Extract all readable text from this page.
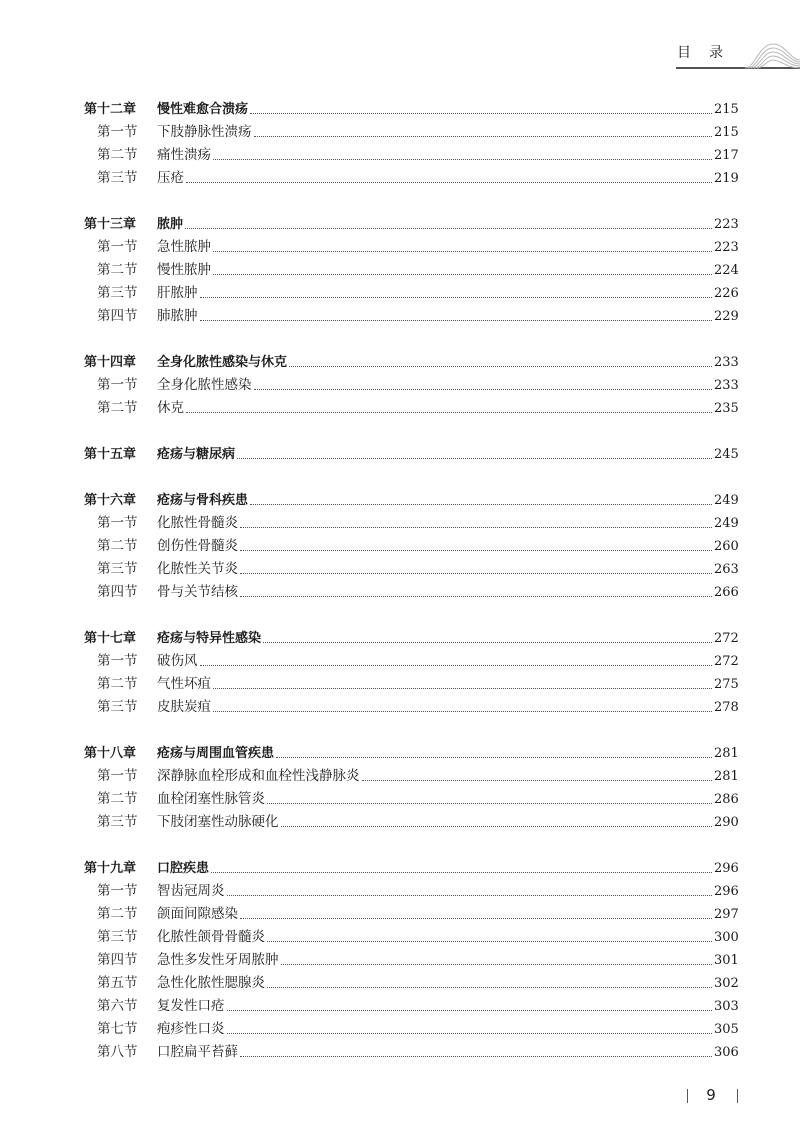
目　录
第十二章	慢性难愈合溃疡	215
第一节	下肢静脉性溃疡	215
第二节	痛性溃疡	217
第三节	压疮	219
第十三章	脓肿	223
第一节	急性脓肿	223
第二节	慢性脓肿	224
第三节	肝脓肿	226
第四节	肺脓肿	229
第十四章	全身化脓性感染与休克	233
第一节	全身化脓性感染	233
第二节	休克	235
第十五章	疮疡与糖尿病	245
第十六章	疮疡与骨科疾患	249
第一节	化脓性骨髓炎	249
第二节	创伤性骨髓炎	260
第三节	化脓性关节炎	263
第四节	骨与关节结核	266
第十七章	疮疡与特异性感染	272
第一节	破伤风	272
第二节	气性坏疽	275
第三节	皮肤炭疽	278
第十八章	疮疡与周围血管疾患	281
第一节	深静脉血栓形成和血栓性浅静脉炎	281
第二节	血栓闭塞性脉管炎	286
第三节	下肢闭塞性动脉硬化	290
第十九章	口腔疾患	296
第一节	智齿冠周炎	296
第二节	颌面间隙感染	297
第三节	化脓性颌骨骨髓炎	300
第四节	急性多发性牙周脓肿	301
第五节	急性化脓性腮腺炎	302
第六节	复发性口疮	303
第七节	疱疹性口炎	305
第八节	口腔扁平苔藓	306
9
